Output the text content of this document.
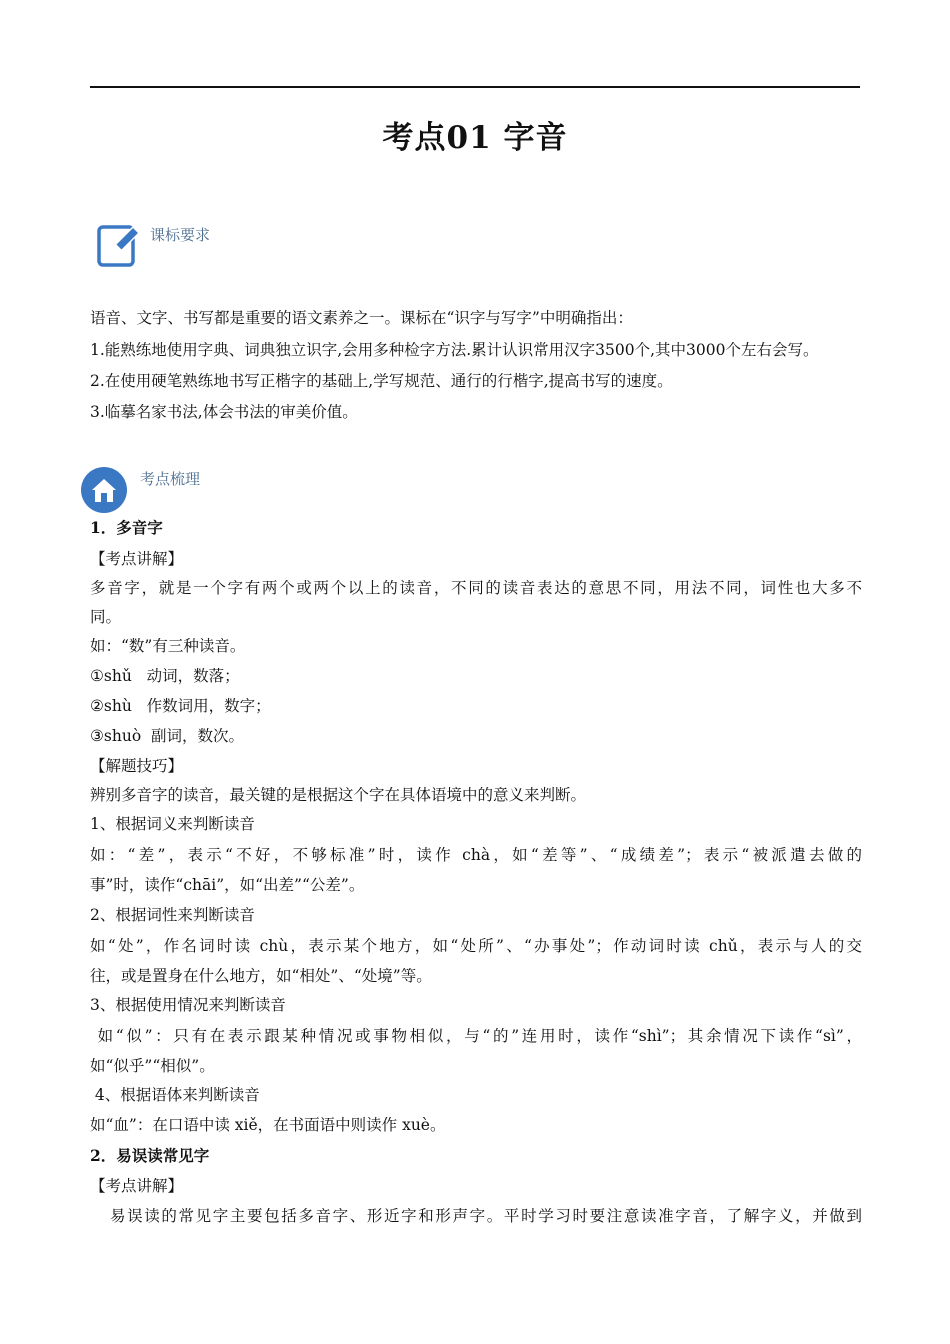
考点01 字音
课标要求
语音、文字、书写都是重要的语文素养之一。课标在“识字与写字”中明确指出：
1.能熟练地使用字典、词典独立识字,会用多种检字方法.累计认识常用汉字3500个,其中3000个左右会写。
2.在使用硬笔熟练地书写正楷字的基础上,学写规范、通行的行楷字,提高书写的速度。
3.临摹名家书法,体会书法的审美价值。
考点梳理
1．多音字
【考点讲解】
多音字，就是一个字有两个或两个以上的读音，不同的读音表达的意思不同，用法不同，词性也大多不
同。
如：“数”有三种读音。
①shǔ   动词，数落；
②shù   作数词用，数字；
③shuò  副词，数次。
【解题技巧】
辨别多音字的读音，最关键的是根据这个字在具体语境中的意义来判断。
1、根据词义来判断读音
如：“差”，表示“不好，不够标准”时，读作 chà，如“差等”、“成绩差”；表示“被派遣去做的
事”时，读作“chāi”，如“出差”“公差”。
2、根据词性来判断读音
如“处”，作名词时读 chù，表示某个地方，如“处所”、“办事处”；作动词时读 chǔ，表示与人的交
往，或是置身在什么地方，如“相处”、“处境”等。
3、根据使用情况来判断读音
如“似”：只有在表示跟某种情况或事物相似，与“的”连用时，读作“shì”；其余情况下读作“sì”，
如“似乎”“相似”。
4、根据语体来判断读音
如“血”：在口语中读 xiě，在书面语中则读作 xuè。
2．易误读常见字
【考点讲解】
易误读的常见字主要包括多音字、形近字和形声字。平时学习时要注意读准字音，了解字义，并做到
